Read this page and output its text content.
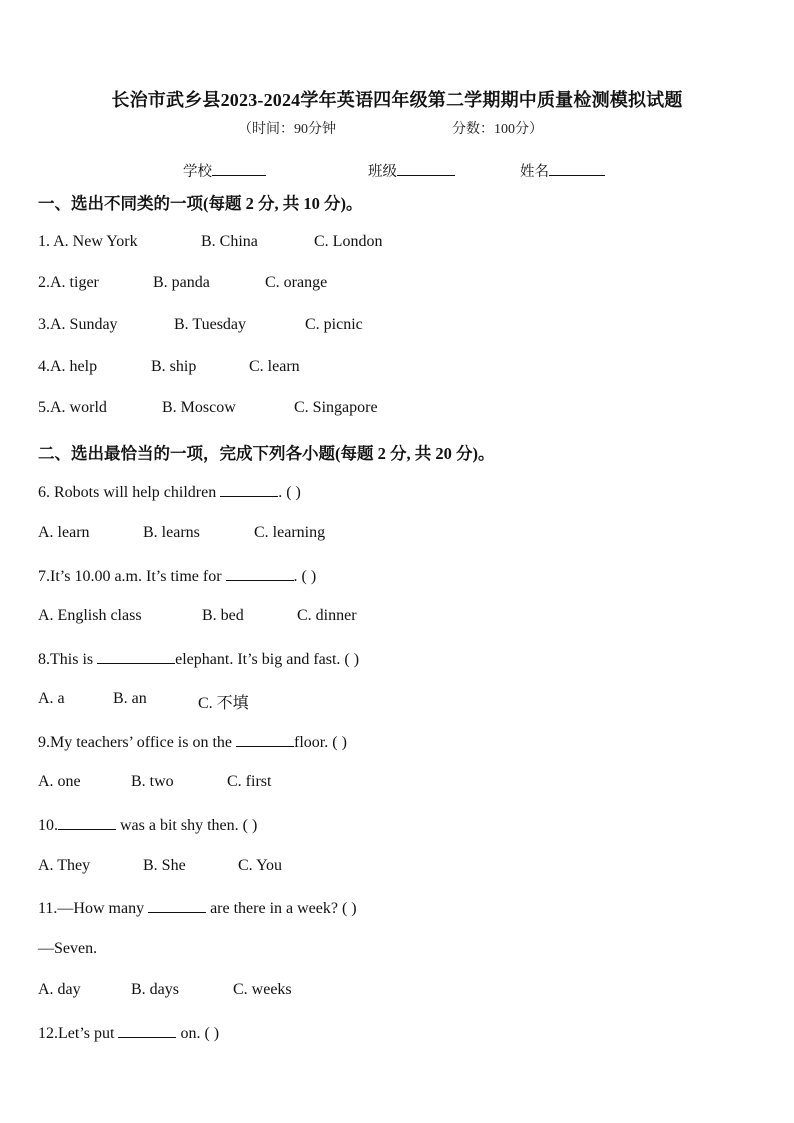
长治市武乡县2023-2024学年英语四年级第二学期期中质量检测模拟试题
（时间：90分钟	分数：100分）
学校	班级	姓名
一、选出不同类的一项(每题 2 分, 共 10 分)。
1. A. New York	B. China	C. London
2.A. tiger	B. panda	C. orange
3.A. Sunday	B. Tuesday	C. picnic
4.A. help	B. ship	C. learn
5.A. world	B. Moscow	C. Singapore
二、选出最恰当的一项，完成下列各小题(每题 2 分, 共 20 分)。
6. Robots will help children	. ( )
A. learn	B. learns	C. learning
7.It’s 10.00 a.m. It’s time for	. ( )
A. English class	B. bed	C. dinner
8.This is	elephant. It’s big and fast. ( )
A. a	B. an	C. 不填
9.My teachers’ office is on the	floor. ( )
A. one	B. two	C. first
10.	was a bit shy then. ( )
A. They	B. She	C. You
11.—How many	are there in a week? ( )
—Seven.
A. day	B. days	C. weeks
12.Let’s put	on. ( )
